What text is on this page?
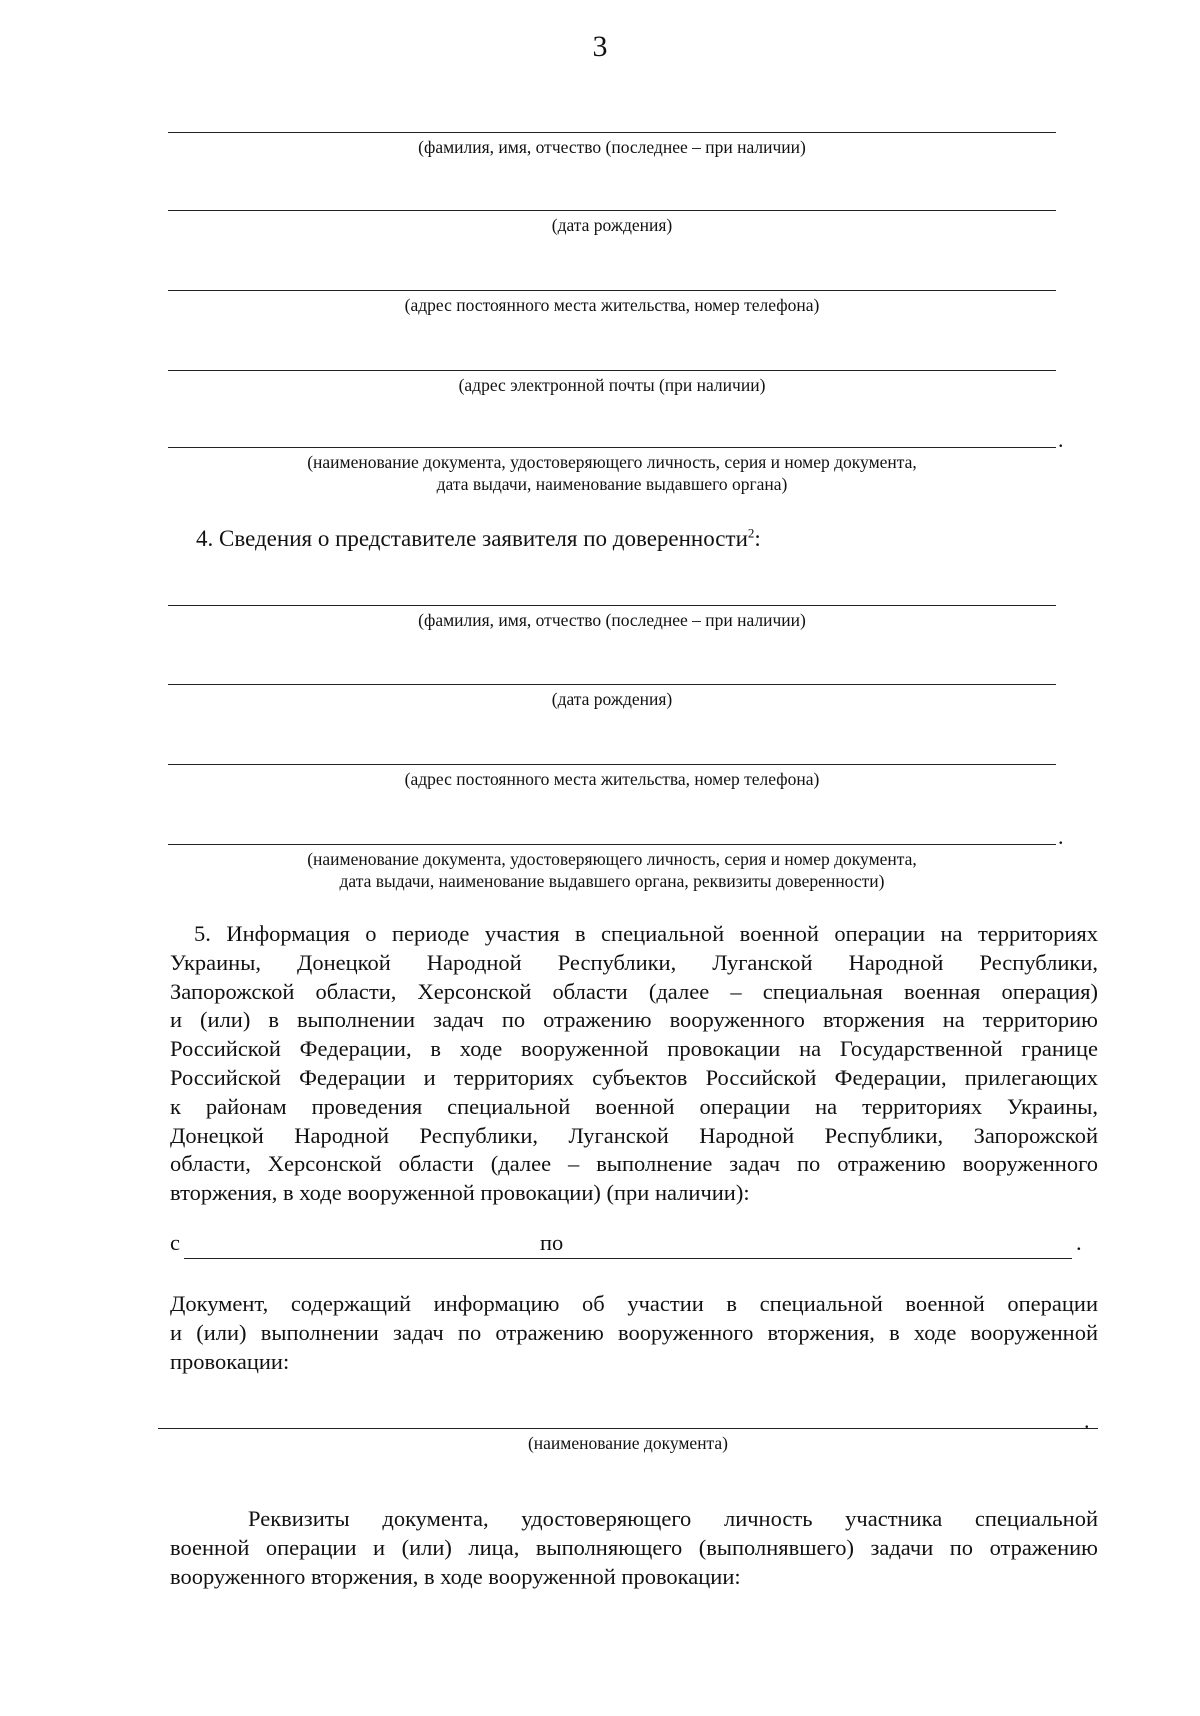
3
(фамилия, имя, отчество (последнее – при наличии)
(дата рождения)
(адрес постоянного места жительства, номер телефона)
(адрес электронной почты (при наличии)
.
(наименование документа, удостоверяющего личность, серия и номер документа,
дата выдачи, наименование выдавшего органа)
4. Сведения о представителе заявителя по доверенности$^2$:
(фамилия, имя, отчество (последнее – при наличии)
(дата рождения)
(адрес постоянного места жительства, номер телефона)
.
(наименование документа, удостоверяющего личность, серия и номер документа,
дата выдачи, наименование выдавшего органа, реквизиты доверенности)
5. Информация о периоде участия в специальной военной операции на территориях
Украины, Донецкой Народной Республики, Луганской Народной Республики,
Запорожской области, Херсонской области (далее – специальная военная операция)
и (или) в выполнении задач по отражению вооруженного вторжения на территорию
Российской Федерации, в ходе вооруженной провокации на Государственной границе
Российской Федерации и территориях субъектов Российской Федерации, прилегающих
к районам проведения специальной военной операции на территориях Украины,
Донецкой Народной Республики, Луганской Народной Республики, Запорожской
области, Херсонской области (далее – выполнение задач по отражению вооруженного
вторжения, в ходе вооруженной провокации) (при наличии):
с	по	.
Документ, содержащий информацию об участии в специальной военной операции
и (или) выполнении задач по отражению вооруженного вторжения, в ходе вооруженной
провокации:
.
(наименование документа)
Реквизиты документа, удостоверяющего личность участника специальной
военной операции и (или) лица, выполняющего (выполнявшего) задачи по отражению
вооруженного вторжения, в ходе вооруженной провокации:
